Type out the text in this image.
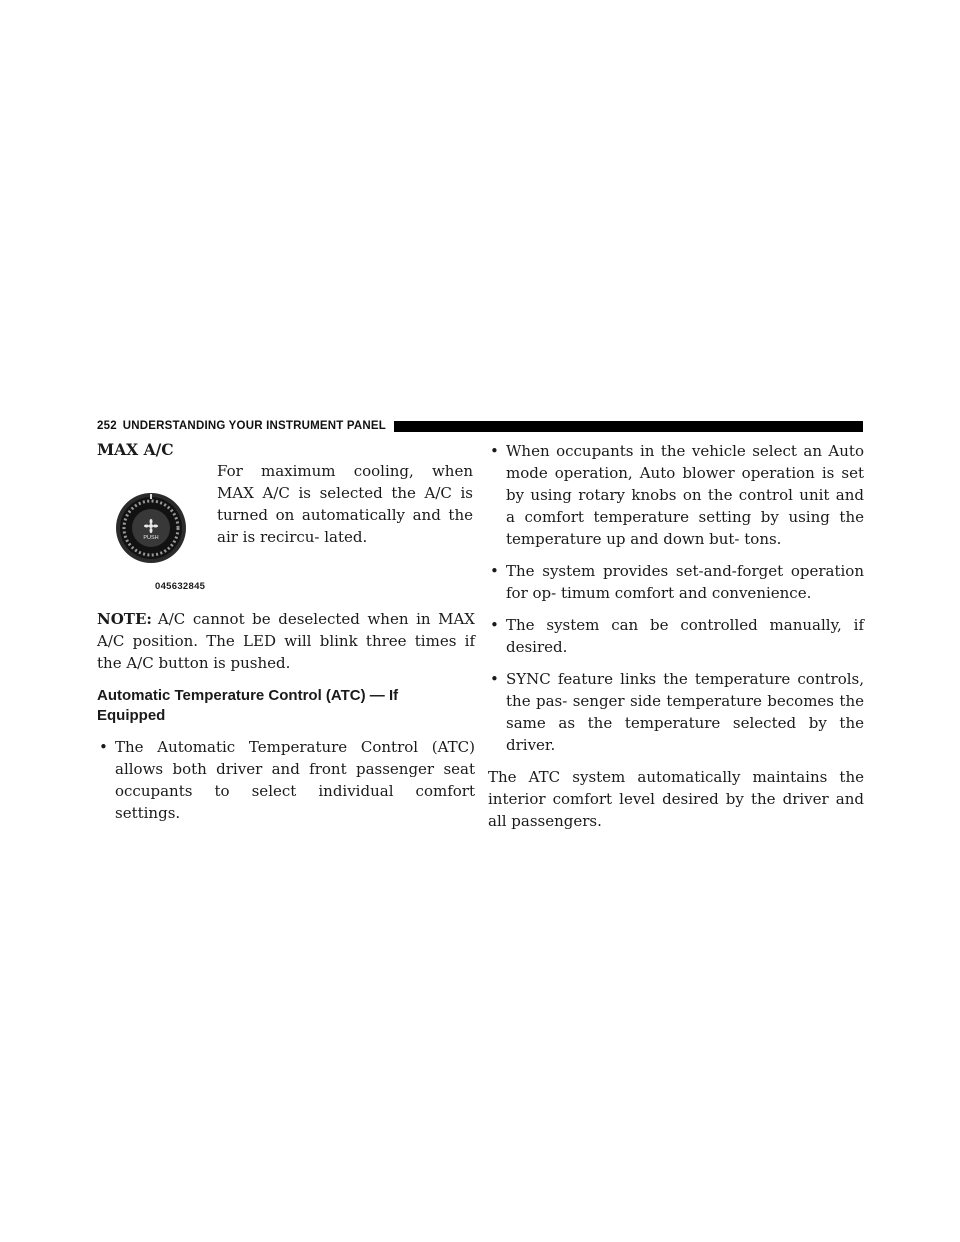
252 UNDERSTANDING YOUR INSTRUMENT PANEL
MAX A/C
PUSH
045632845

For maximum cooling, when MAX A/C is selected the A/C is turned on automatically and the air is recircu- lated.

NOTE: A/C cannot be deselected when in MAX A/C position. The LED will blink three times if the A/C button is pushed.

Automatic Temperature Control (ATC) — If Equipped
• The Automatic Temperature Control (ATC) allows both driver and front passenger seat occupants to select individual comfort settings.
• When occupants in the vehicle select an Auto mode operation, Auto blower operation is set by using rotary knobs on the control unit and a comfort temperature setting by using the temperature up and down but- tons.
• The system provides set-and-forget operation for op- timum comfort and convenience.
• The system can be controlled manually, if desired.
• SYNC feature links the temperature controls, the pas- senger side temperature becomes the same as the temperature selected by the driver.

The ATC system automatically maintains the interior comfort level desired by the driver and all passengers.
